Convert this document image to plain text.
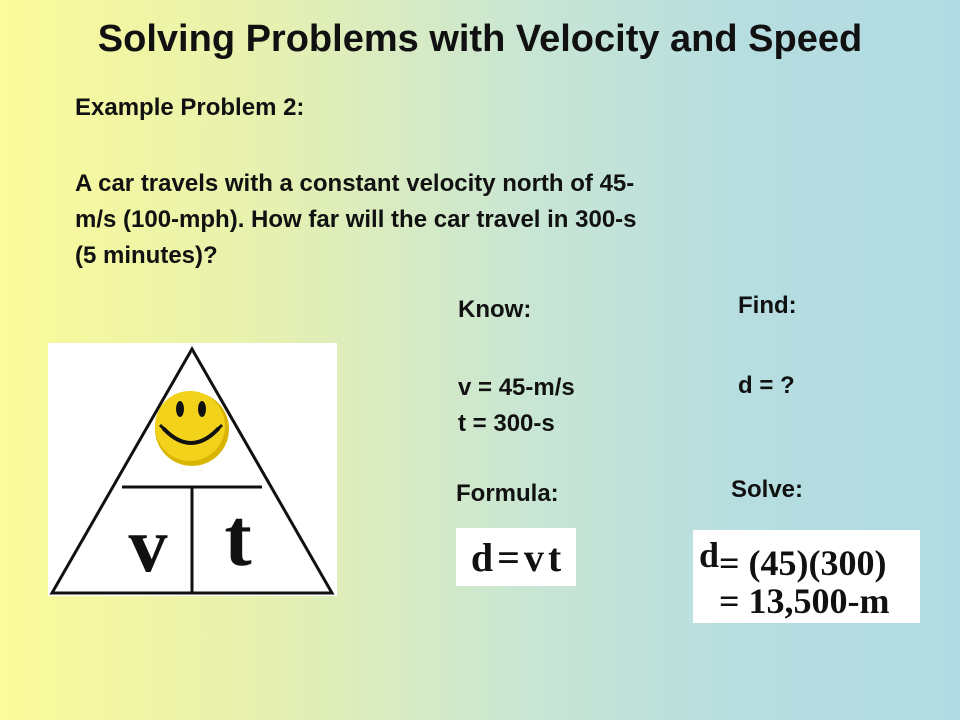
Solving Problems with Velocity and Speed
Example Problem 2:
A car travels with a constant velocity north of 45-
m/s (100-mph). How far will the car travel in 300-s
(5 minutes)?
v t
Know:
v = 45-m/s
t = 300-s
Find:
d = ?
Formula:	Solve:
d = v t	d= (45)(300)
= 13,500-m
